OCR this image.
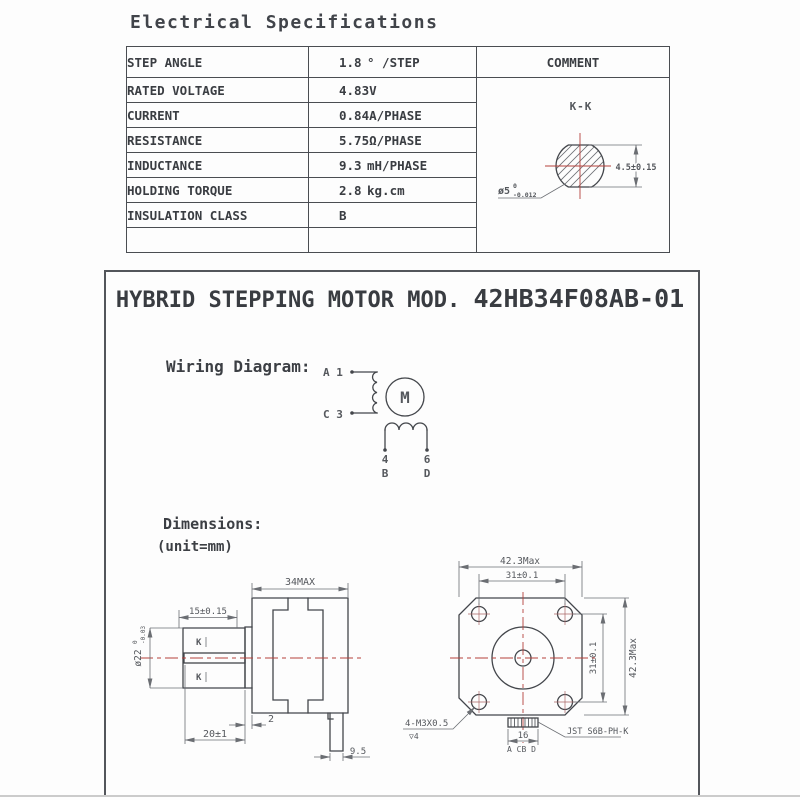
Electrical Specifications
STEP ANGLE	1.8 ° /STEP	COMMENT
RATED VOLTAGE	4.83 V	K-K
4.5±0.15
ø5 0
-0.012

CURRENT	0.84 A/PHASE	

RESISTANCE	5.75 Ω/PHASE	

INDUCTANCE	9.3 mH/PHASE	

HOLDING TORQUE	2.8 kg.cm	

INSULATION CLASS	B	

HYBRID STEPPING MOTOR MOD. 42HB34F08AB-01
Wiring Diagram: A 1
C 3
M
4	6
B	D
Dimensions:
(unit=mm)
K
K
34MAX
15±0.15
ø22
0 -0.03
2
20±1
9.5
42.3Max
31±0.1
31±0.1	42.3Max
16
A CB D
JST S6B-PH-K
4-M3X0.5
▽4
